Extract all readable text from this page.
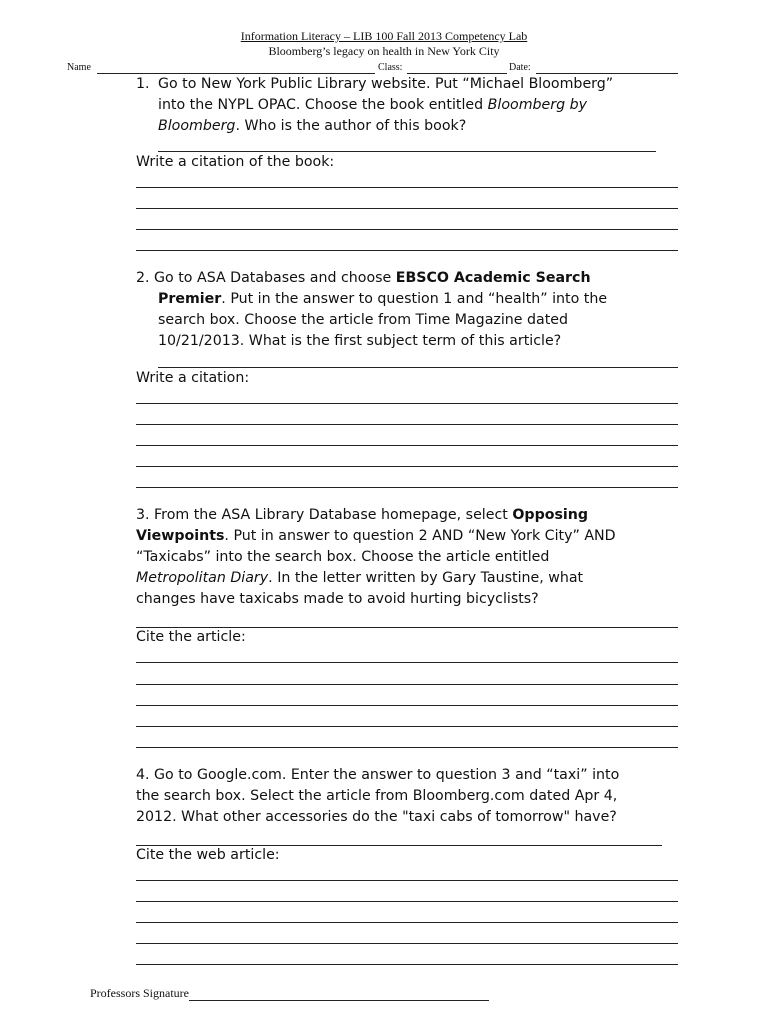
Information Literacy – LIB 100 Fall 2013 Competency Lab
Bloomberg’s legacy on health in New York City
Name	Class:	Date:
1. Go to New York Public Library website. Put “Michael Bloomberg”
into the NYPL OPAC. Choose the book entitled Bloomberg by
Bloomberg. Who is the author of this book?
Write a citation of the book:
2. Go to ASA Databases and choose EBSCO Academic Search
Premier. Put in the answer to question 1 and “health” into the
search box. Choose the article from Time Magazine dated
10/21/2013. What is the first subject term of this article?
Write a citation:
3. From the ASA Library Database homepage, select Opposing
Viewpoints. Put in answer to question 2 AND “New York City” AND
“Taxicabs” into the search box. Choose the article entitled
Metropolitan Diary. In the letter written by Gary Taustine, what
changes have taxicabs made to avoid hurting bicyclists?
Cite the article:
4. Go to Google.com. Enter the answer to question 3 and “taxi” into
the search box. Select the article from Bloomberg.com dated Apr 4,
2012. What other accessories do the "taxi cabs of tomorrow" have?
Cite the web article:
Professors Signature
